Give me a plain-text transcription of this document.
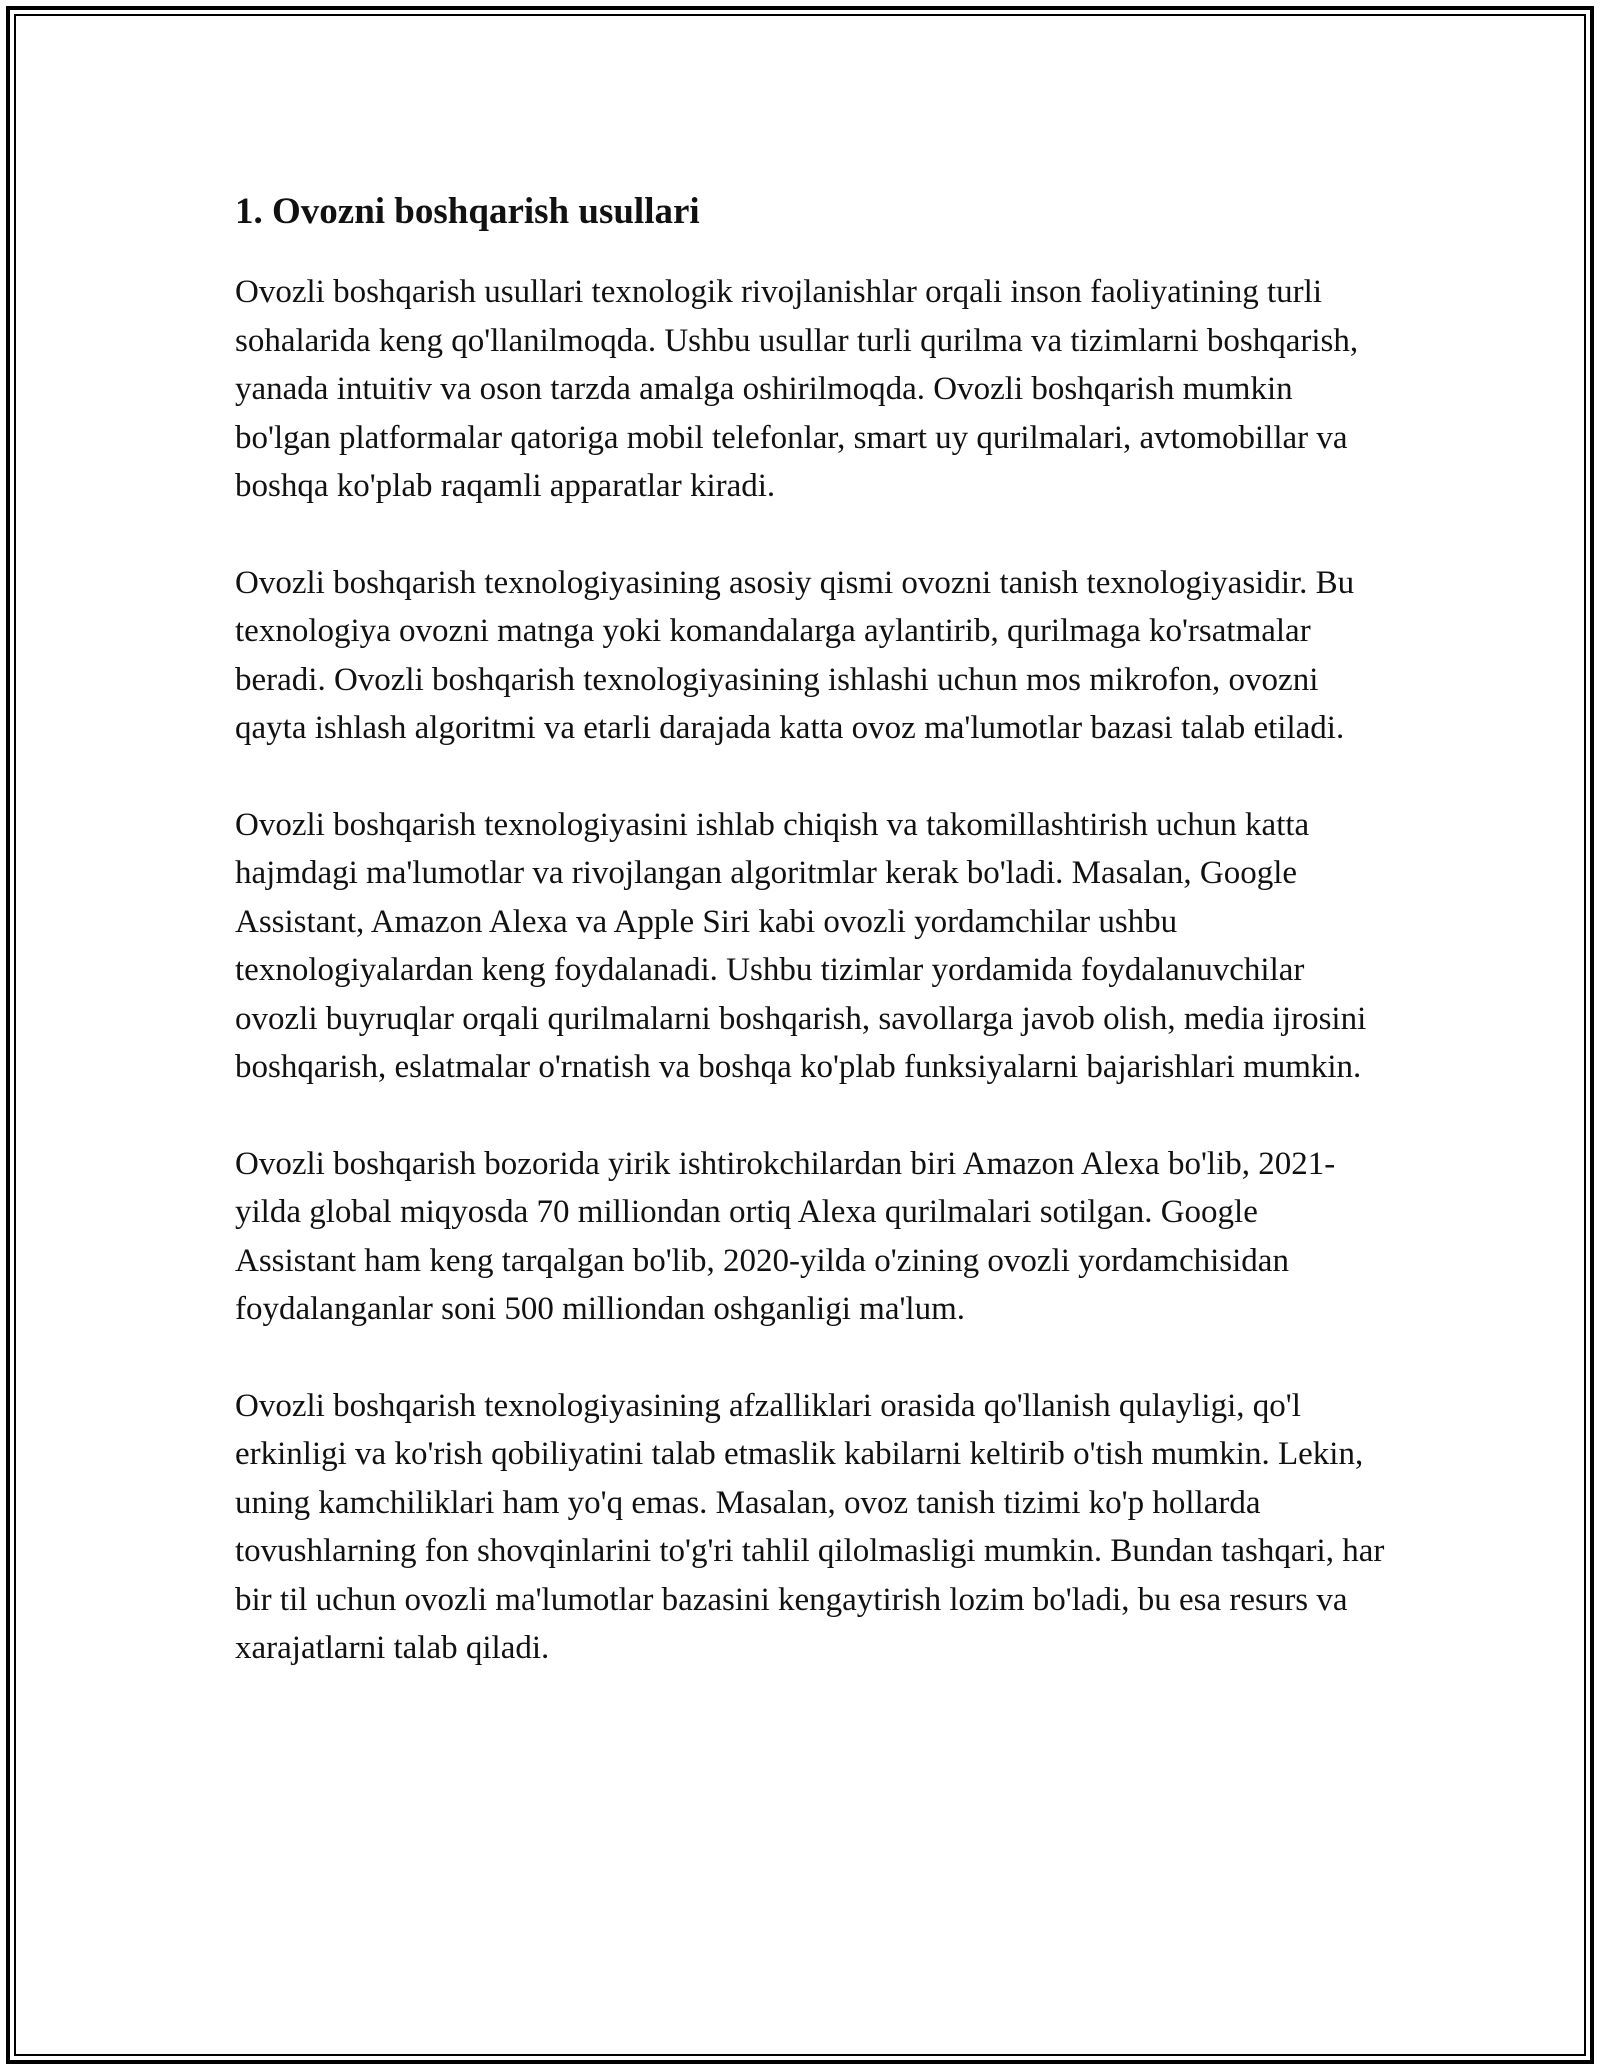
1. Ovozni boshqarish usullari

Ovozli boshqarish usullari texnologik rivojlanishlar orqali inson faoliyatining turli sohalarida keng qo'llanilmoqda. Ushbu usullar turli qurilma va tizimlarni boshqarish, yanada intuitiv va oson tarzda amalga oshirilmoqda. Ovozli boshqarish mumkin bo'lgan platformalar qatoriga mobil telefonlar, smart uy qurilmalari, avtomobillar va boshqa ko'plab raqamli apparatlar kiradi.

Ovozli boshqarish texnologiyasining asosiy qismi ovozni tanish texnologiyasidir. Bu texnologiya ovozni matnga yoki komandalarga aylantirib, qurilmaga ko'rsatmalar beradi. Ovozli boshqarish texnologiyasining ishlashi uchun mos mikrofon, ovozni qayta ishlash algoritmi va etarli darajada katta ovoz ma'lumotlar bazasi talab etiladi.

Ovozli boshqarish texnologiyasini ishlab chiqish va takomillashtirish uchun katta hajmdagi ma'lumotlar va rivojlangan algoritmlar kerak bo'ladi. Masalan, Google Assistant, Amazon Alexa va Apple Siri kabi ovozli yordamchilar ushbu texnologiyalardan keng foydalanadi. Ushbu tizimlar yordamida foydalanuvchilar ovozli buyruqlar orqali qurilmalarni boshqarish, savollarga javob olish, media ijrosini boshqarish, eslatmalar o'rnatish va boshqa ko'plab funksiyalarni bajarishlari mumkin.

Ovozli boshqarish bozorida yirik ishtirokchilardan biri Amazon Alexa bo'lib, 2021-yilda global miqyosda 70 milliondan ortiq Alexa qurilmalari sotilgan. Google Assistant ham keng tarqalgan bo'lib, 2020-yilda o'zining ovozli yordamchisidan foydalanganlar soni 500 milliondan oshganligi ma'lum.

Ovozli boshqarish texnologiyasining afzalliklari orasida qo'llanish qulayligi, qo'l erkinligi va ko'rish qobiliyatini talab etmaslik kabilarni keltirib o'tish mumkin. Lekin, uning kamchiliklari ham yo'q emas. Masalan, ovoz tanish tizimi ko'p hollarda tovushlarning fon shovqinlarini to'g'ri tahlil qilolmasligi mumkin. Bundan tashqari, har bir til uchun ovozli ma'lumotlar bazasini kengaytirish lozim bo'ladi, bu esa resurs va xarajatlarni talab qiladi.
